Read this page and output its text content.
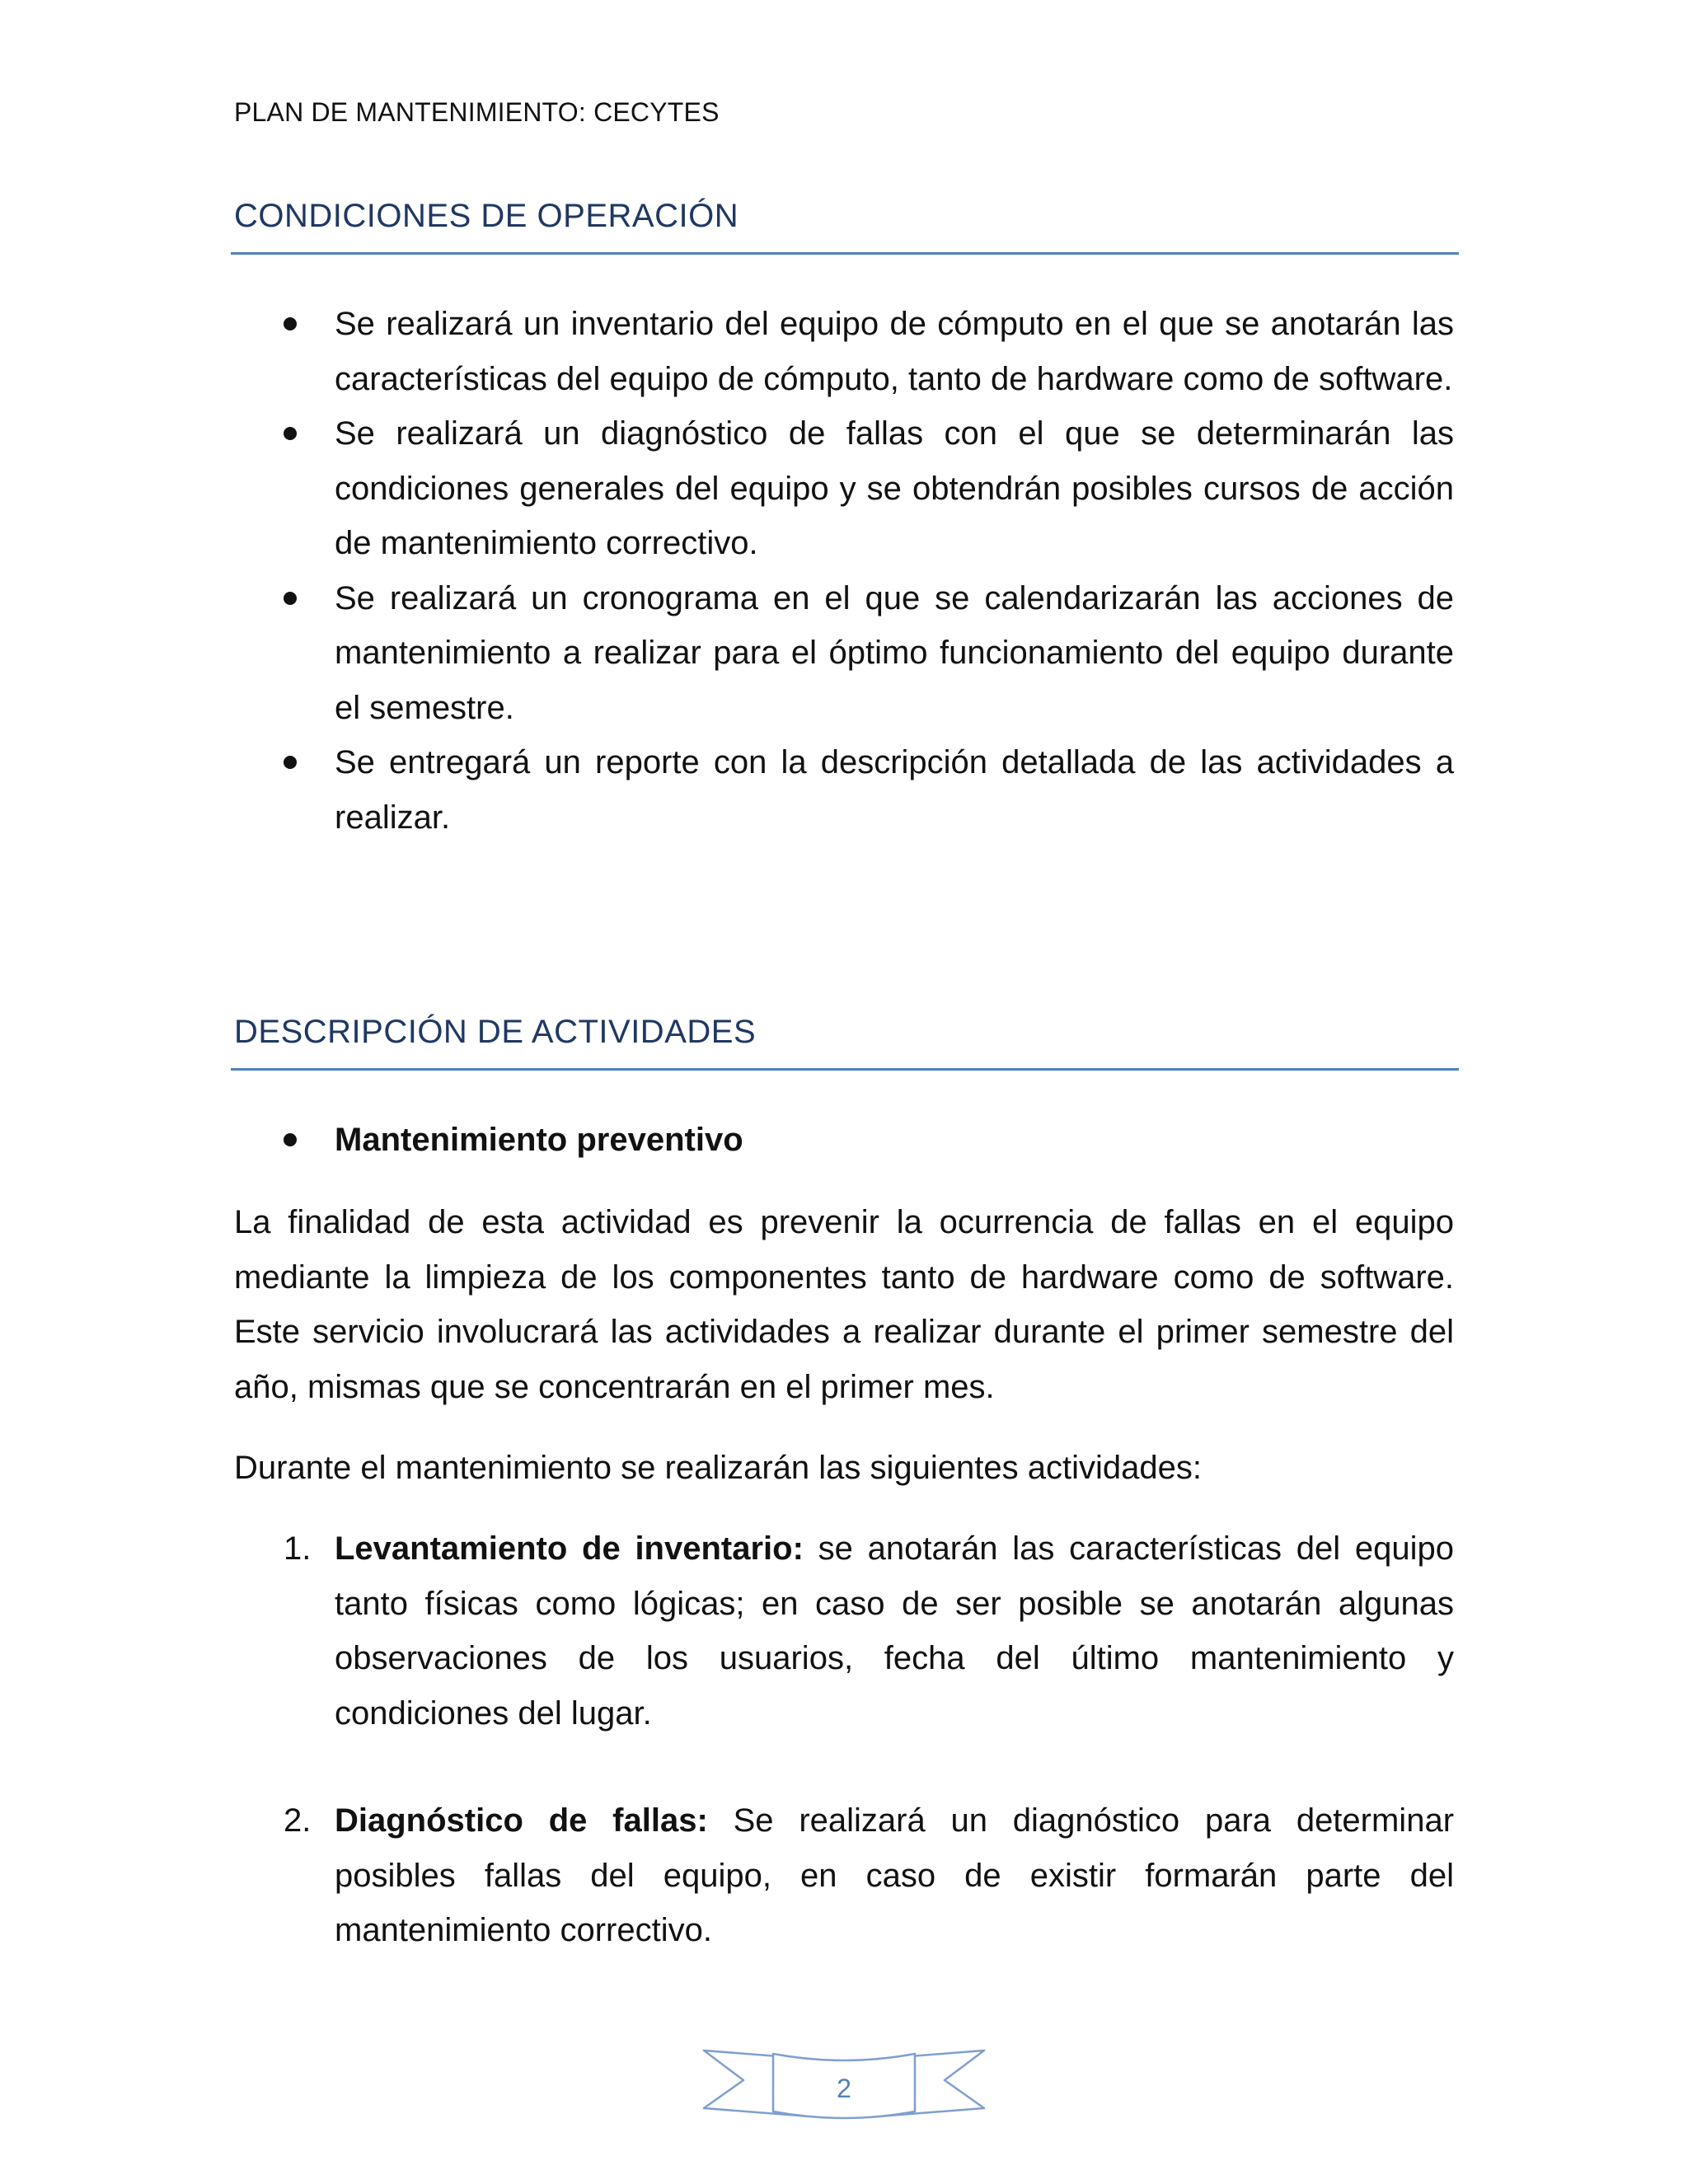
PLAN DE MANTENIMIENTO: CECYTES
CONDICIONES DE OPERACIÓN
Se realizará un inventario del equipo de cómputo en el que se anotarán las características del equipo de cómputo, tanto de hardware como de software.
Se realizará un diagnóstico de fallas con el que se determinarán las condiciones generales del equipo y se obtendrán posibles cursos de acción de mantenimiento correctivo.
Se realizará un cronograma en el que se calendarizarán las acciones de mantenimiento a realizar para el óptimo funcionamiento del equipo durante el semestre.
Se entregará un reporte con la descripción detallada de las actividades a realizar.
DESCRIPCIÓN DE ACTIVIDADES
Mantenimiento preventivo

La finalidad de esta actividad es prevenir la ocurrencia de fallas en el equipo mediante la limpieza de los componentes tanto de hardware como de software. Este servicio involucrará las actividades a realizar durante el primer semestre del año, mismas que se concentrarán en el primer mes.

Durante el mantenimiento se realizarán las siguientes actividades:

1. Levantamiento de inventario: se anotarán las características del equipo tanto físicas como lógicas; en caso de ser posible se anotarán algunas observaciones de los usuarios, fecha del último mantenimiento y condiciones del lugar.
2. Diagnóstico de fallas: Se realizará un diagnóstico para determinar posibles fallas del equipo, en caso de existir formarán parte del mantenimiento correctivo.
2
